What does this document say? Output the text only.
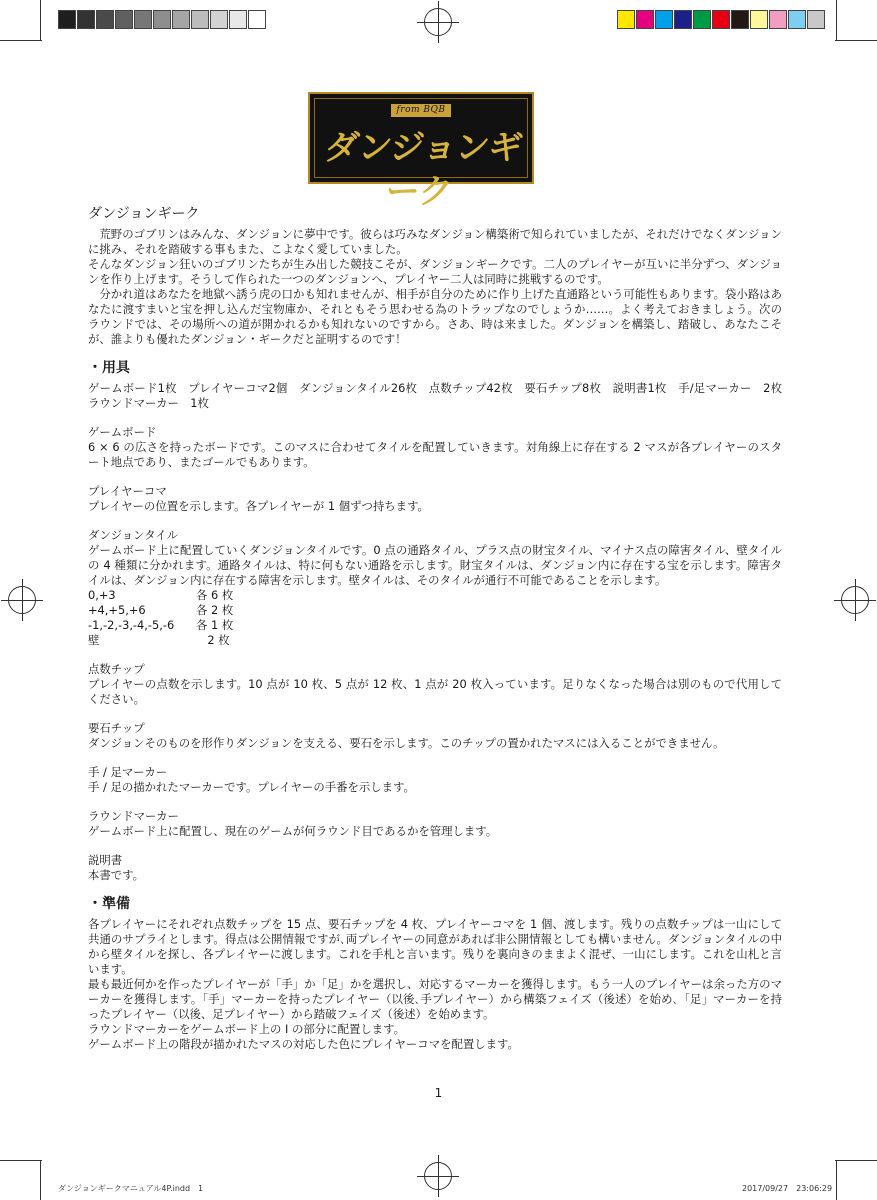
from BQB
ダンジョンギーク
ダンジョンギーク

荒野のゴブリンはみんな、ダンジョンに夢中です。彼らは巧みなダンジョン構築術で知られていましたが、それだけでなくダンジョンに挑み、それを踏破する事もまた、こよなく愛していました。

そんなダンジョン狂いのゴブリンたちが生み出した競技こそが、ダンジョンギークです。二人のプレイヤーが互いに半分ずつ、ダンジョンを作り上げます。そうして作られた一つのダンジョンへ、プレイヤー二人は同時に挑戦するのです。

分かれ道はあなたを地獄へ誘う虎の口かも知れませんが、相手が自分のために作り上げた直通路という可能性もあります。袋小路はあなたに渡すまいと宝を押し込んだ宝物庫か、それともそう思わせる為のトラップなのでしょうか……。よく考えておきましょう。次のラウンドでは、その場所への道が開かれるかも知れないのですから。さあ、時は来ました。ダンジョンを構築し、踏破し、あなたこそが、誰よりも優れたダンジョン・ギークだと証明するのです！

・用具

ゲームボード1枚　プレイヤーコマ2個　ダンジョンタイル26枚　点数チップ42枚　要石チップ8枚　説明書1枚　手/足マーカー　2枚　ラウンドマーカー　1枚

ゲームボード

6 × 6 の広さを持ったボードです。このマスに合わせてタイルを配置していきます。対角線上に存在する 2 マスが各プレイヤーのスタート地点であり、またゴールでもあります。

プレイヤーコマ

プレイヤーの位置を示します。各プレイヤーが 1 個ずつ持ちます。

ダンジョンタイル

ゲームボード上に配置していくダンジョンタイルです。0 点の通路タイル、プラス点の財宝タイル、マイナス点の障害タイル、壁タイルの 4 種類に分かれます。通路タイルは、特に何もない通路を示します。財宝タイルは、ダンジョン内に存在する宝を示します。障害タイルは、ダンジョン内に存在する障害を示します。壁タイルは、そのタイルが通行不可能であることを示します。

0,+3	各 6 枚
+4,+5,+6	各 2 枚
-1,-2,-3,-4,-5,-6	各 1 枚
壁	　2 枚

点数チップ

プレイヤーの点数を示します。10 点が 10 枚、5 点が 12 枚、1 点が 20 枚入っています。足りなくなった場合は別のもので代用してください。

要石チップ

ダンジョンそのものを形作りダンジョンを支える、要石を示します。このチップの置かれたマスには入ることができません。

手 / 足マーカー

手 / 足の描かれたマーカーです。プレイヤーの手番を示します。

ラウンドマーカー

ゲームボード上に配置し、現在のゲームが何ラウンド目であるかを管理します。

説明書

本書です。

・準備

各プレイヤーにそれぞれ点数チップを 15 点、要石チップを 4 枚、プレイヤーコマを 1 個、渡します。残りの点数チップは一山にして共通のサプライとします。得点は公開情報ですが､両プレイヤーの同意があれば非公開情報としても構いません。ダンジョンタイルの中から壁タイルを探し、各プレイヤーに渡します。これを手札と言います。残りを裏向きのままよく混ぜ、一山にします。これを山札と言います。

最も最近何かを作ったプレイヤーが「手」か「足」かを選択し、対応するマーカーを獲得します。もう一人のプレイヤーは余った方のマーカーを獲得します。「手」マーカーを持ったプレイヤー（以後､手プレイヤー）から構築フェイズ（後述）を始め､「足」マーカーを持ったプレイヤー（以後、足プレイヤー）から踏破フェイズ（後述）を始めます。

ラウンドマーカーをゲームボード上の I の部分に配置します。

ゲームボード上の階段が描かれたマスの対応した色にプレイヤーコマを配置します。

1
ダンジョンギークマニュアル4P.indd　1	2017/09/27　23:06:29
